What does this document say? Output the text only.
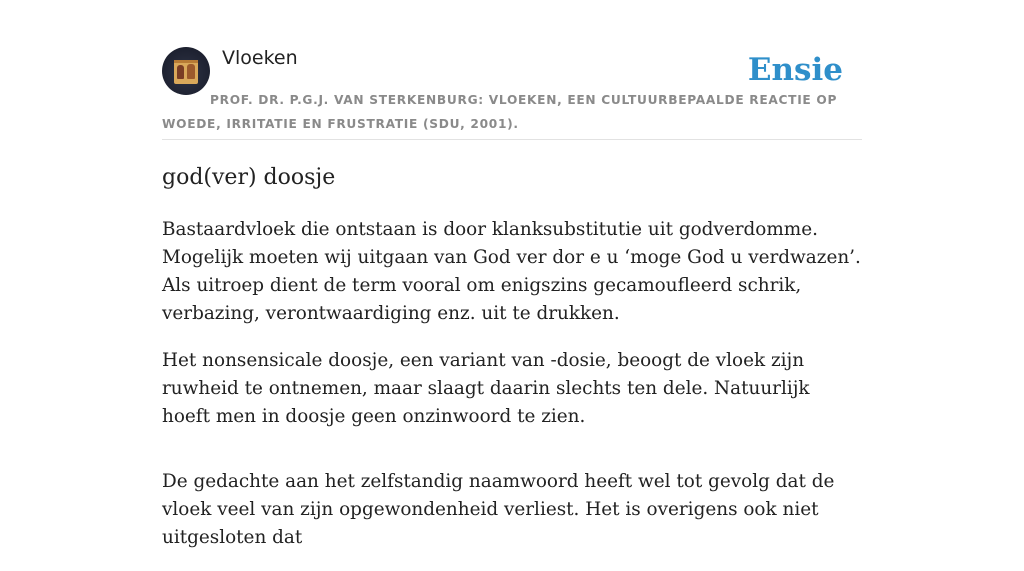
Vloeken	Ensie
PROF. DR. P.G.J. VAN STERKENBURG: VLOEKEN, EEN CULTUURBEPAALDE REACTIE OP WOEDE, IRRITATIE EN FRUSTRATIE (SDU, 2001).
god(ver) doosje

Bastaardvloek die ontstaan is door klanksubstitutie uit godverdomme. Mogelijk moeten wij uitgaan van God ver dor e u ‘moge God u verdwazen’. Als uitroep dient de term vooral om enigszins gecamoufleerd schrik, verbazing, verontwaardiging enz. uit te drukken.

Het nonsensicale doosje, een variant van -dosie, beoogt de vloek zijn ruwheid te ontnemen, maar slaagt daarin slechts ten dele. Natuurlijk hoeft men in doosje geen onzinwoord te zien.

De gedachte aan het zelfstandig naamwoord heeft wel tot gevolg dat de vloek veel van zijn opgewondenheid verliest. Het is overigens ook niet uitgesloten dat
